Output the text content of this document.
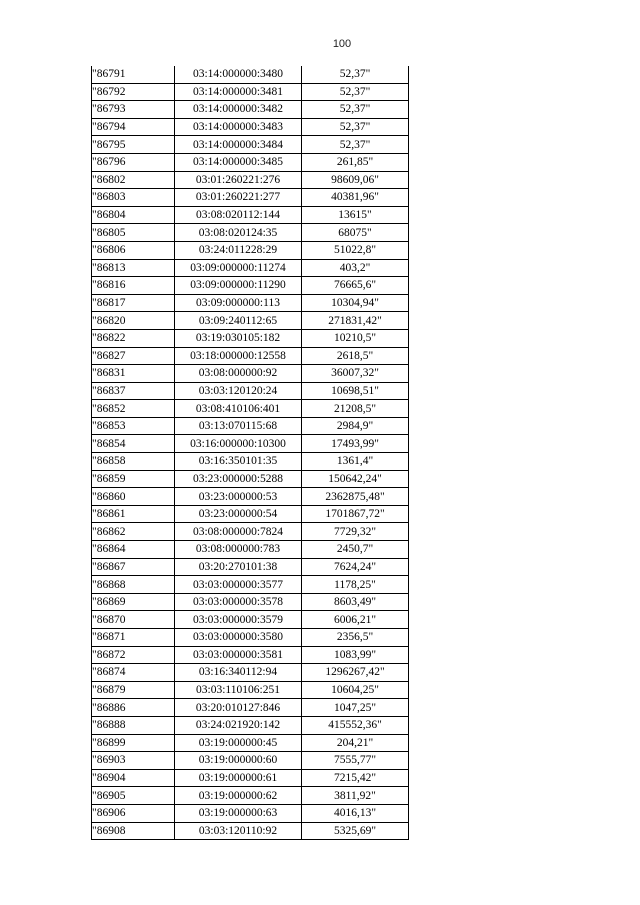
100
"86791	03:14:000000:3480	52,37"
"86792	03:14:000000:3481	52,37"
"86793	03:14:000000:3482	52,37"
"86794	03:14:000000:3483	52,37"
"86795	03:14:000000:3484	52,37"
"86796	03:14:000000:3485	261,85"
"86802	03:01:260221:276	98609,06"
"86803	03:01:260221:277	40381,96"
"86804	03:08:020112:144	13615"
"86805	03:08:020124:35	68075"
"86806	03:24:011228:29	51022,8"
"86813	03:09:000000:11274	403,2"
"86816	03:09:000000:11290	76665,6"
"86817	03:09:000000:113	10304,94"
"86820	03:09:240112:65	271831,42"
"86822	03:19:030105:182	10210,5"
"86827	03:18:000000:12558	2618,5"
"86831	03:08:000000:92	36007,32"
"86837	03:03:120120:24	10698,51"
"86852	03:08:410106:401	21208,5"
"86853	03:13:070115:68	2984,9"
"86854	03:16:000000:10300	17493,99"
"86858	03:16:350101:35	1361,4"
"86859	03:23:000000:5288	150642,24"
"86860	03:23:000000:53	2362875,48"
"86861	03:23:000000:54	1701867,72"
"86862	03:08:000000:7824	7729,32"
"86864	03:08:000000:783	2450,7"
"86867	03:20:270101:38	7624,24"
"86868	03:03:000000:3577	1178,25"
"86869	03:03:000000:3578	8603,49"
"86870	03:03:000000:3579	6006,21"
"86871	03:03:000000:3580	2356,5"
"86872	03:03:000000:3581	1083,99"
"86874	03:16:340112:94	1296267,42"
"86879	03:03:110106:251	10604,25"
"86886	03:20:010127:846	1047,25"
"86888	03:24:021920:142	415552,36"
"86899	03:19:000000:45	204,21"
"86903	03:19:000000:60	7555,77"
"86904	03:19:000000:61	7215,42"
"86905	03:19:000000:62	3811,92"
"86906	03:19:000000:63	4016,13"
"86908	03:03:120110:92	5325,69"
